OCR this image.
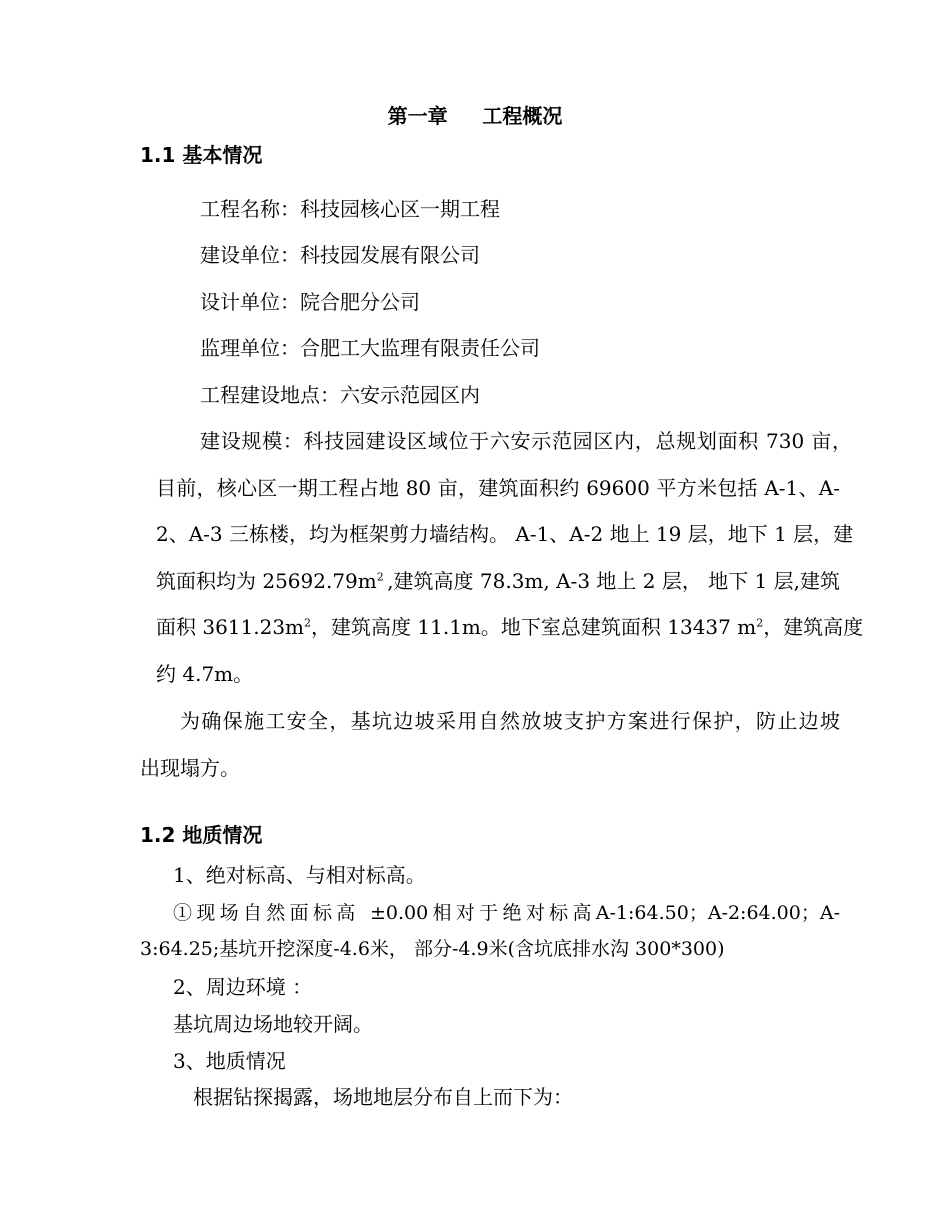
第一章     工程概况
1.1 基本情况
工程名称：科技园核心区一期工程
建设单位：科技园发展有限公司
设计单位：院合肥分公司
监理单位：合肥工大监理有限责任公司
工程建设地点：六安示范园区内
建设规模：科技园建设区域位于六安示范园区内，总规划面积 730 亩，
目前，核心区一期工程占地 80 亩，建筑面积约 69600 平方米包括 A-1、A-
2、A-3 三栋楼，均为框架剪力墙结构。 A-1、A-2 地上 19 层，地下 1 层，建
筑面积均为 $25692.79m^2$ ,建筑高度 78.3m, A-3 地上 2 层， 地下 1 层,建筑
面积 $3611.23m^2$，建筑高度 11.1m。地下室总建筑面积 13437 $m^2$ ，建筑高度
约 4.7m。
为确保施工安全，基坑边坡采用自然放坡支护方案进行保护，防止边坡
出现塌方。
1.2 地质情况
1、绝对标高、与相对标高。
①现场自然面标高 ±0.00相对于绝对标高A-1:64.50；A-2:64.00；A-
3:64.25;基坑开挖深度-4.6米， 部分-4.9米(含坑底排水沟 300*300)
2、周边环境 ：
基坑周边场地较开阔。
3、地质情况
根据钻探揭露，场地地层分布自上而下为：
